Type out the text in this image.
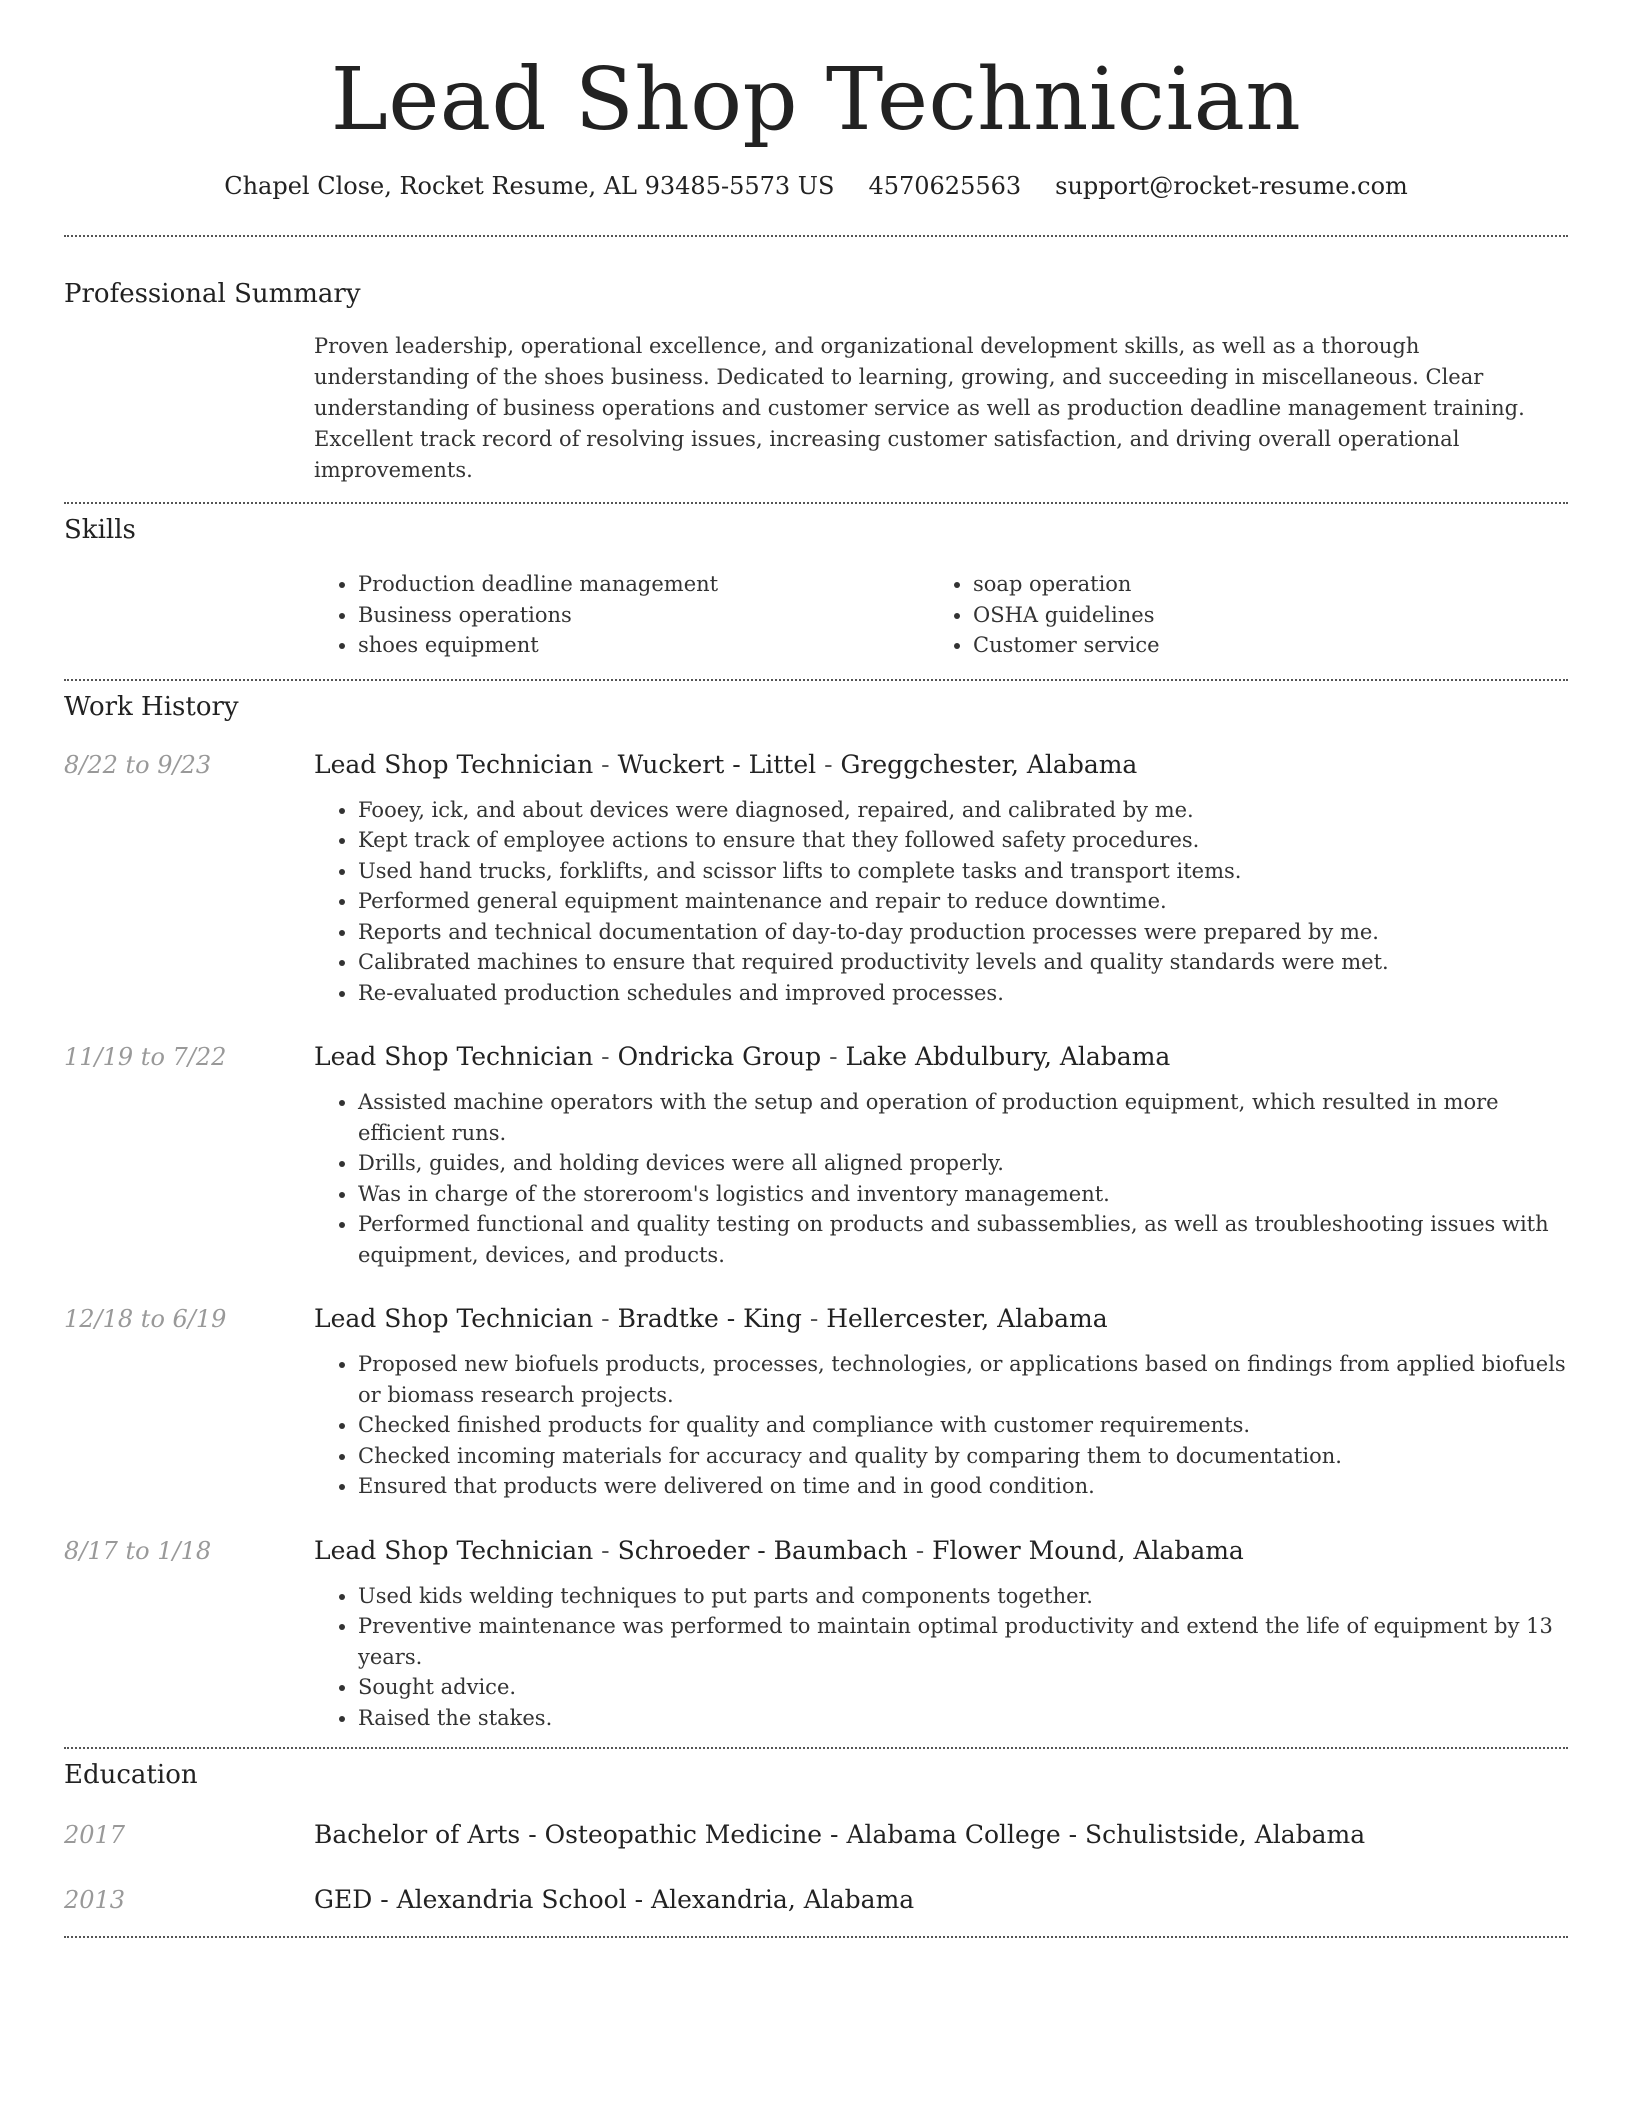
Lead Shop Technician
Chapel Close, Rocket Resume, AL 93485-5573 US 4570625563 support@rocket-resume.com
Professional Summary

Proven leadership, operational excellence, and organizational development skills, as well as a thorough understanding of the shoes business. Dedicated to learning, growing, and succeeding in miscellaneous. Clear understanding of business operations and customer service as well as production deadline management training. Excellent track record of resolving issues, increasing customer satisfaction, and driving overall operational improvements.

Skills
• Production deadline management
• Business operations
• shoes equipment
• soap operation
• OSHA guidelines
• Customer service
Work History
8/22 to 9/23	Lead Shop Technician - Wuckert - Littel - Greggchester, Alabama
• Fooey, ick, and about devices were diagnosed, repaired, and calibrated by me.
• Kept track of employee actions to ensure that they followed safety procedures.
• Used hand trucks, forklifts, and scissor lifts to complete tasks and transport items.
• Performed general equipment maintenance and repair to reduce downtime.
• Reports and technical documentation of day-to-day production processes were prepared by me.
• Calibrated machines to ensure that required productivity levels and quality standards were met.
• Re-evaluated production schedules and improved processes.
11/19 to 7/22	Lead Shop Technician - Ondricka Group - Lake Abdulbury, Alabama
• Assisted machine operators with the setup and operation of production equipment, which resulted in more efficient runs.
• Drills, guides, and holding devices were all aligned properly.
• Was in charge of the storeroom's logistics and inventory management.
• Performed functional and quality testing on products and subassemblies, as well as troubleshooting issues with equipment, devices, and products.
12/18 to 6/19	Lead Shop Technician - Bradtke - King - Hellercester, Alabama
• Proposed new biofuels products, processes, technologies, or applications based on findings from applied biofuels or biomass research projects.
• Checked finished products for quality and compliance with customer requirements.
• Checked incoming materials for accuracy and quality by comparing them to documentation.
• Ensured that products were delivered on time and in good condition.
8/17 to 1/18	Lead Shop Technician - Schroeder - Baumbach - Flower Mound, Alabama
• Used kids welding techniques to put parts and components together.
• Preventive maintenance was performed to maintain optimal productivity and extend the life of equipment by 13 years.
• Sought advice.
• Raised the stakes.
Education
2017	Bachelor of Arts - Osteopathic Medicine - Alabama College - Schulistside, Alabama
2013	GED - Alexandria School - Alexandria, Alabama
